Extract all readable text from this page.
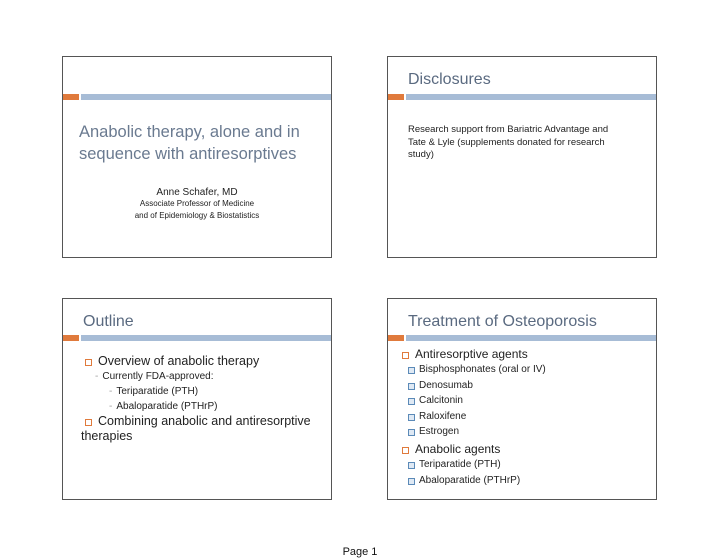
Anabolic therapy, alone and in
sequence with antiresorptives
Anne Schafer, MD
Associate Professor of Medicine
and of Epidemiology & Biostatistics
Disclosures
Research support from Bariatric Advantage and
Tate & Lyle (supplements donated for research
study)
Outline
Overview of anabolic therapy
- Currently FDA-approved:
- Teriparatide (PTH)
- Abaloparatide (PTHrP)
Combining anabolic and antiresorptive
therapies
Treatment of Osteoporosis
Antiresorptive agents
Bisphosphonates (oral or IV)
Denosumab
Calcitonin
Raloxifene
Estrogen
Anabolic agents
Teriparatide (PTH)
Abaloparatide (PTHrP)
Page 1
